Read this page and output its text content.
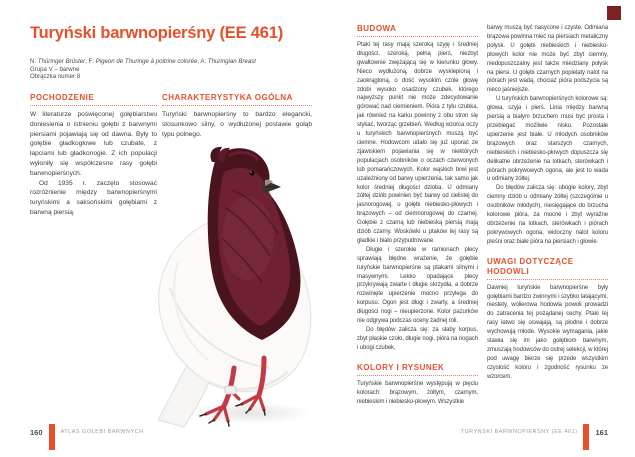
Turyński barwnopierśny (EE 461)
N: Thüringer Brüster, F: Pigeon de Thuringe à poitrine colorée, A: Thuringian Breast
Grupa V – barwne
Obrączka numer 8
POCHODZENIE

W literaturze poświęconej gołębiarstwu doniesienia o istnieniu gołębi z barwnymi piersiami pojawiają się od dawna. Były to gołębie gładkogłowe lub czubate, z łapciami lub gładkonogie. Z ich populacji wyłoniły się współczesne rasy gołębi barwnopierśnych.

Od 1935 r. zaczęto stosować rozróżnienie między barwnopierśnymi turyńskimi a saksońskimi gołębiami z barwną piersią.

CHARAKTERYSTYKA OGÓLNA

Turyński barwnopierśny to bardzo elegancki, stosunkowo silny, o wydłużonej postawie gołąb typu polnego.

BUDOWA

Ptaki tej rasy mają szeroką szyję i średniej długości, szeroką, pełną pierś, niezbyt gwałtownie zwężającą się w kierunku głowy. Nieco wydłużoną, dobrze wysklepioną i zaokrągloną, o dość wysokim czole głowę zdobi wysoko osadzony czubek, którego najwyższy punkt nie może zdecydowanie górować nad ciemieniem. Pióra z tyłu czubka, jak również na karku powinny z obu stron się stykać, tworząc grzebień. Według wzorca oczy u turyńskich barwnopierśnych muszą być ciemne. Hodowcom udało się już uporać ze zjawiskiem pojawiania się w niektórych populacjach osobników o oczach czerwonych lub pomarańczowych. Kolor wąskich brwi jest uzależniony od barwy upierzenia, tak samo jak kolor średniej długości dzioba. U odmiany żółtej dziób powinien być barwy od cielistej do jasnorogowej, u gołębi niebiesko-płowych i brązowych – od ciemnorogowej do czarnej. Gołębie z czarną lub niebieską piersią mają dziób czarny. Woskówki u ptaków tej rasy są gładkie i biało przypudrowane.

Długie i szerokie w ramionach plecy sprawiają błędne wrażenie, że gołębie turyńskie barwnopierśne są ptakami silnymi i masywnymi. Lekko opadające plecy przykrywają zwarte i długie skrzydła, a dobrze rozwinięte upierzenie mocno przylega do korpusu. Ogon jest długi i zwarty, a średniej długości nogi – nieupierzone. Kolor pazurków nie odgrywa podczas oceny żadnej roli.

Do błędów zalicza się: za słaby korpus, zbyt płaskie czoło, długie nogi, pióra na nogach i ubogi czubek.

KOLORY I RYSUNEK

Turyńskie barwnopierśne występują w pięciu kolorach: brązowym, żółtym, czarnym, niebieskim i niebiesko-płowym. Wszystkie

barwy muszą być nasycone i czyste. Odmiana brązowa powinna mieć na piersiach metaliczny połysk. U gołębi niebieskich i niebiesko-płowych kolor nie może być zbyt ciemny, niedopuszczalny jest także miedziany połysk na piersi. U gołębi czarnych popielaty nalot na piórach jest wadą, chociaż pióra podszycia są nieco jaśniejsze.

U turyńskich barwnopierśnych kolorowe są: głowa, szyja i pierś. Linia między barwną piersią a białym brzuchem musi być prosta i przebiegać możliwie nisko. Pozostałe upierzenie jest białe. U młodych osobników brązowych oraz starszych czarnych, niebieskich i niebiesko-płowych dopuszcza się delikatne obrzeżenie na lotkach, sterówkach i piórach pokrywowych ogona, ale jest to wada u odmiany żółtej.

Do błędów zalicza się: ubogie kolory, zbyt ciemny dziób u odmiany żółtej (szczególnie u osobników młodych), niesięgające do brzucha kolorowe pióra, za mocne i zbyt wyraźne obrzeżenie na lotkach, sterówkach i piórach pokrywowych ogona, widoczny nalot koloru pleśni oraz białe pióra na piersiach i głowie.

UWAGI DOTYCZĄCE HODOWLI

Dawniej turyńskie barwnopierśne były gołębiami bardzo zwinnymi i szybko latającymi, niestety, wolierowa hodowla powoli prowadzi do zatracenia tej pożądanej cechy. Ptaki tej rasy łatwo się oswajają, są płodne i dobrze wychowują młode. Wysokie wymagania, jakie stawia się im jako gołębiom barwnym, zmuszają hodowców do ostrej selekcji, w której pod uwagę bierze się przede wszystkim czystość koloru i zgodność rysunku ze wzorcem.

160	ATLAS GOŁĘBI BARWNYCH	TURYŃSKI BARWNOPIERŚNY (EE 461) 161
